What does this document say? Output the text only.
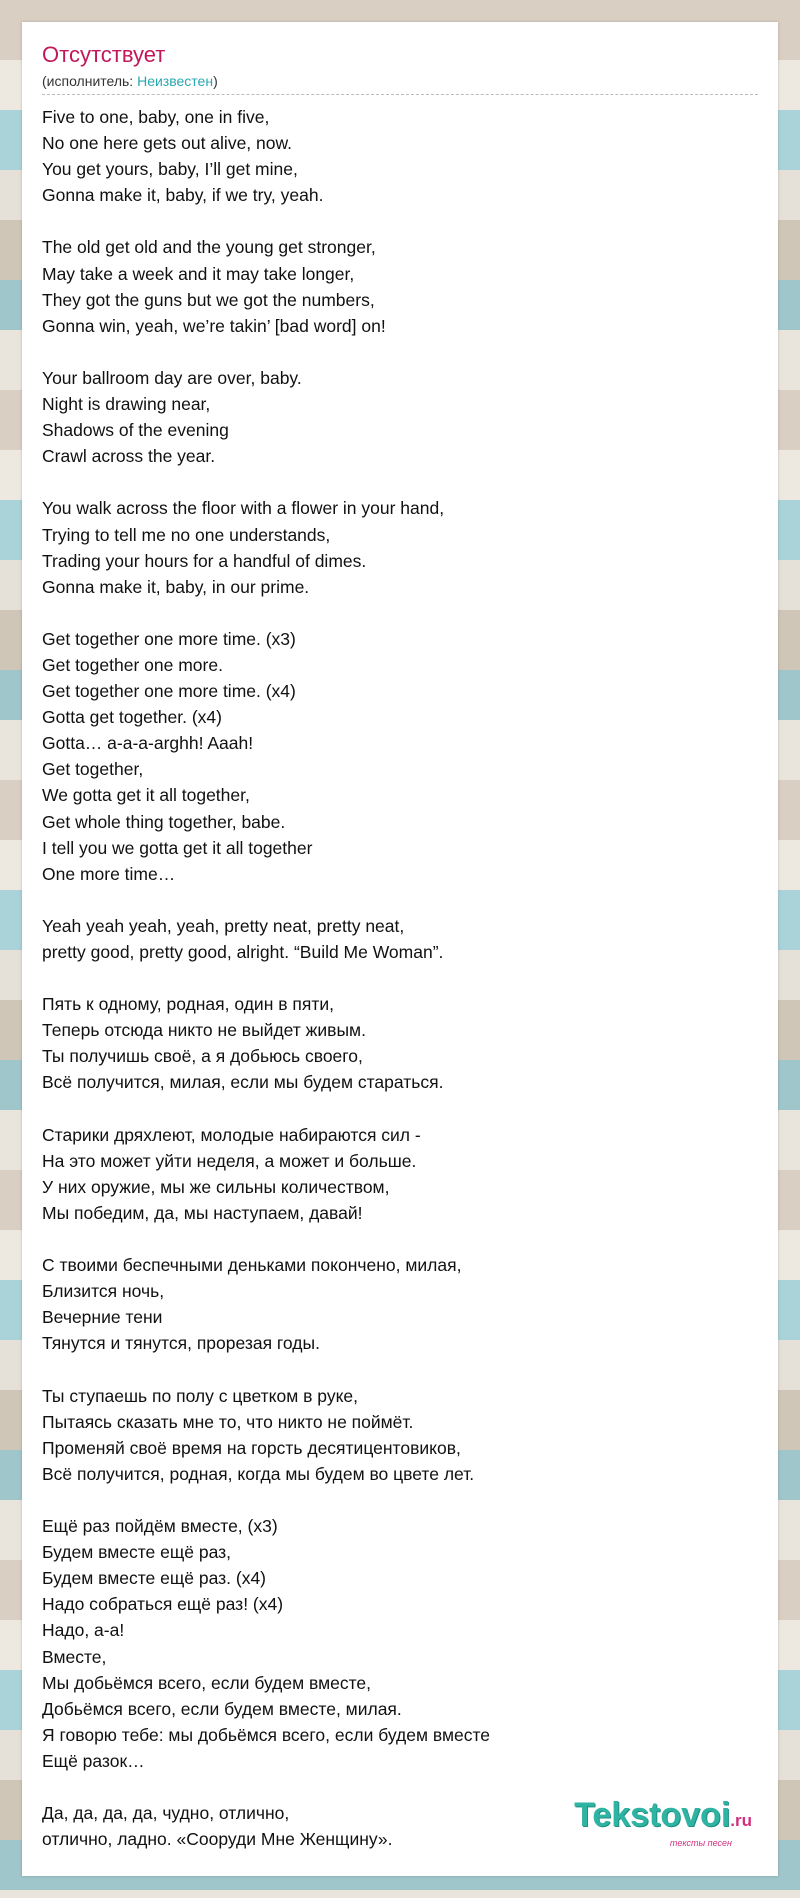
Отсутствует
(исполнитель: Неизвестен)
Five to one, baby, one in five,
No one here gets out alive, now.
You get yours, baby, I’ll get mine,
Gonna make it, baby, if we try, yeah.
The old get old and the young get stronger,
May take a week and it may take longer,
They got the guns but we got the numbers,
Gonna win, yeah, we’re takin’ [bad word] on!
Your ballroom day are over, baby.
Night is drawing near,
Shadows of the evening
Crawl across the year.
You walk across the floor with a flower in your hand,
Trying to tell me no one understands,
Trading your hours for a handful of dimes.
Gonna make it, baby, in our prime.
Get together one more time. (x3)
Get together one more.
Get together one more time. (x4)
Gotta get together. (x4)
Gotta… a-a-a-arghh! Aaah!
Get together,
We gotta get it all together,
Get whole thing together, babe.
I tell you we gotta get it all together
One more time…
Yeah yeah yeah, yeah, pretty neat, pretty neat,
pretty good, pretty good, alright. “Build Me Woman”.
Пять к одному, родная, один в пяти,
Теперь отсюда никто не выйдет живым.
Ты получишь своё, а я добьюсь своего,
Всё получится, милая, если мы будем стараться.
Старики дряхлеют, молодые набираются сил -
На это может уйти неделя, а может и больше.
У них оружие, мы же сильны количеством,
Мы победим, да, мы наступаем, давай!
С твоими беспечными деньками покончено, милая,
Близится ночь,
Вечерние тени
Тянутся и тянутся, прорезая годы.
Ты ступаешь по полу с цветком в руке,
Пытаясь сказать мне то, что никто не поймёт.
Променяй своё время на горсть десятицентовиков,
Всё получится, родная, когда мы будем во цвете лет.
Ещё раз пойдём вместе, (x3)
Будем вместе ещё раз,
Будем вместе ещё раз. (x4)
Надо собраться ещё раз! (x4)
Надо, а-а!
Вместе,
Мы добьёмся всего, если будем вместе,
Добьёмся всего, если будем вместе, милая.
Я говорю тебе: мы добьёмся всего, если будем вместе
Ещё разок…
Да, да, да, да, чудно, отлично,
отлично, ладно. «Сооруди Мне Женщину».
Tekstovoi.ru
тексты песен
